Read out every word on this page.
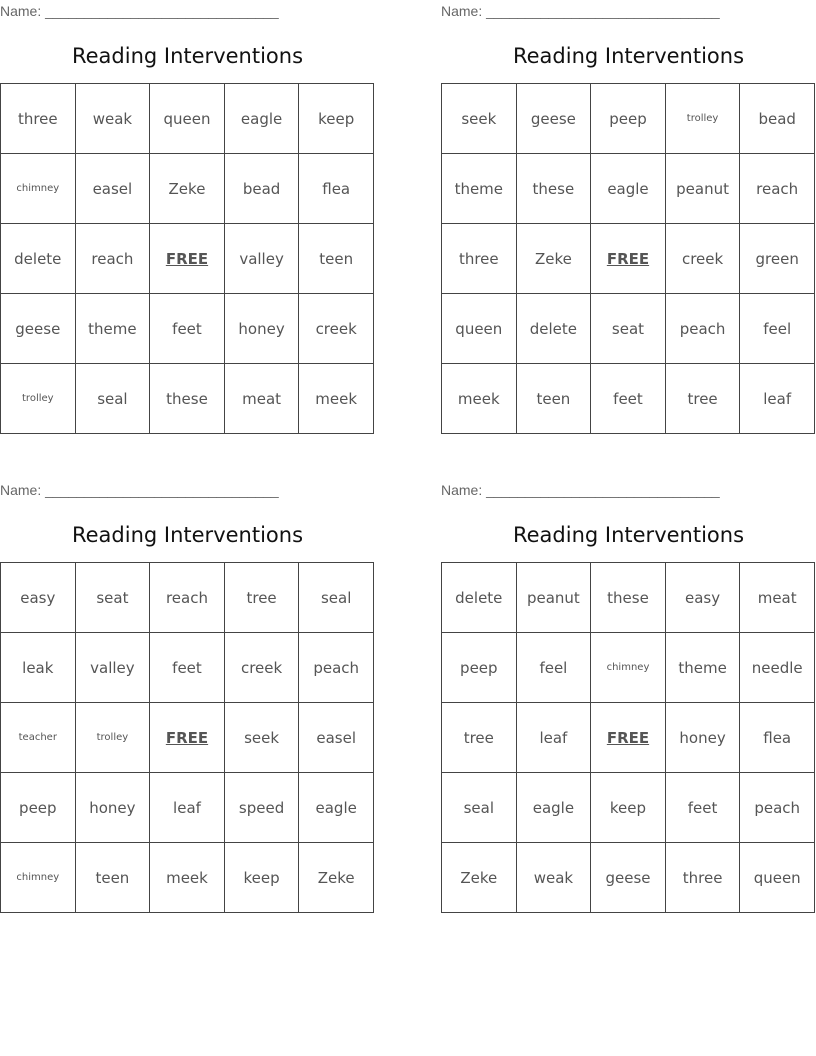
Name: ______________________________
Reading Interventions
three	weak	queen	eagle	keep
chimney	easel	Zeke	bead	flea
delete	reach	FREE	valley	teen
geese	theme	feet	honey	creek
trolley	seal	these	meat	meek
Name: ______________________________
Reading Interventions
seek	geese	peep	trolley	bead
theme	these	eagle	peanut	reach
three	Zeke	FREE	creek	green
queen	delete	seat	peach	feel
meek	teen	feet	tree	leaf
Name: ______________________________
Reading Interventions
easy	seat	reach	tree	seal
leak	valley	feet	creek	peach
teacher	trolley	FREE	seek	easel
peep	honey	leaf	speed	eagle
chimney	teen	meek	keep	Zeke
Name: ______________________________
Reading Interventions
delete	peanut	these	easy	meat
peep	feel	chimney	theme	needle
tree	leaf	FREE	honey	flea
seal	eagle	keep	feet	peach
Zeke	weak	geese	three	queen
